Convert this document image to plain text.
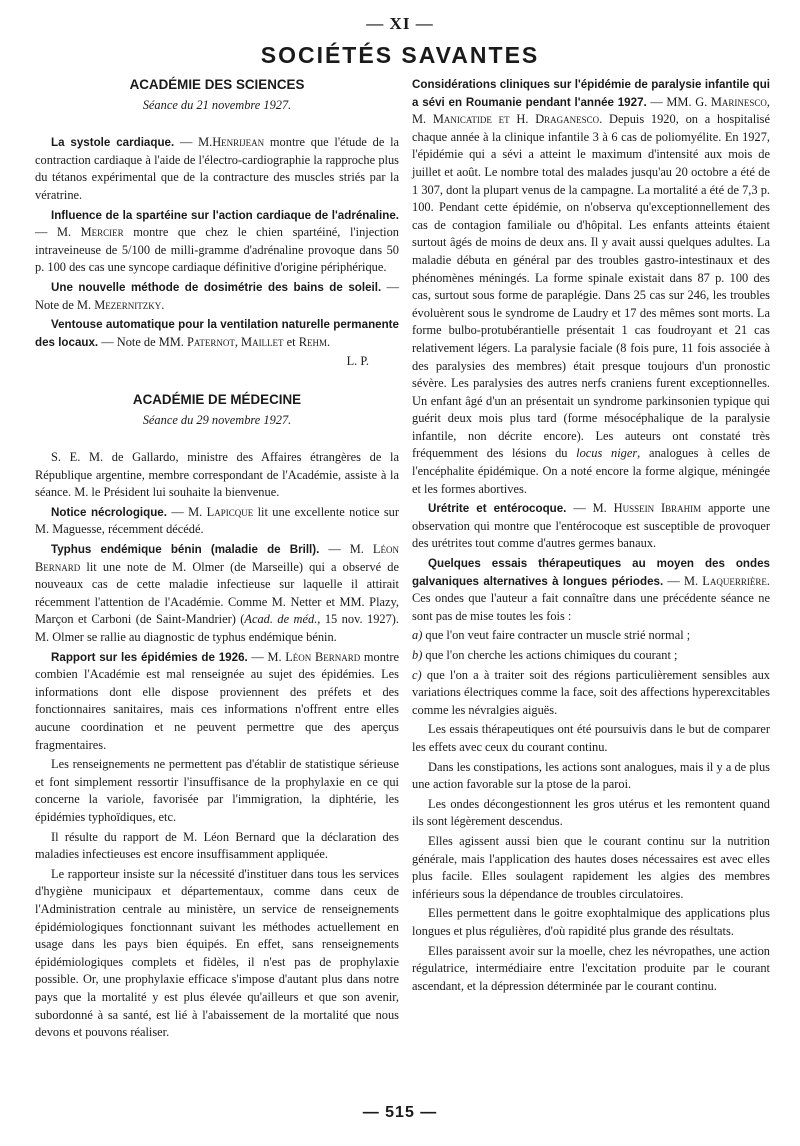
— XI —
SOCIÉTÉS SAVANTES
ACADÉMIE DES SCIENCES
Séance du 21 novembre 1927.

La systole cardiaque. — M.Henrijean montre que l'étude de la contraction cardiaque à l'aide de l'électro-cardiographie la rapproche plus du tétanos expérimental que de la contracture des muscles striés par la vératrine.

Influence de la spartéine sur l'action cardiaque de l'adrénaline. — M. Mercier montre que chez le chien spartéiné, l'injection intraveineuse de 5/100 de milli-gramme d'adrénaline provoque dans 50 p. 100 des cas une syncope cardiaque définitive d'origine périphérique.

Une nouvelle méthode de dosimétrie des bains de soleil. — Note de M. Mezernitzky.

Ventouse automatique pour la ventilation naturelle permanente des locaux. — Note de MM. Paternot, Maillet et Rehm.

L. P.
ACADÉMIE DE MÉDECINE
Séance du 29 novembre 1927.

S. E. M. de Gallardo, ministre des Affaires étrangères de la République argentine, membre correspondant de l'Académie, assiste à la séance. M. le Président lui souhaite la bienvenue.

Notice nécrologique. — M. Lapicque lit une excellente notice sur M. Maguesse, récemment décédé.

Typhus endémique bénin (maladie de Brill). — M. Léon Bernard lit une note de M. Olmer (de Marseille) qui a observé de nouveaux cas de cette maladie infectieuse sur laquelle il attirait récemment l'attention de l'Académie. Comme M. Netter et MM. Plazy, Marçon et Carboni (de Saint-Mandrier) (Acad. de méd., 15 nov. 1927). M. Olmer se rallie au diagnostic de typhus endémique bénin.

Rapport sur les épidémies de 1926. — M. Léon Bernard montre combien l'Académie est mal renseignée au sujet des épidémies. Les informations dont elle dispose proviennent des préfets et des fonctionnaires sanitaires, mais ces informations n'offrent entre elles aucune coordination et ne peuvent permettre que des aperçus fragmentaires.

Les renseignements ne permettent pas d'établir de statistique sérieuse et font simplement ressortir l'insuffisance de la prophylaxie en ce qui concerne la variole, favorisée par l'immigration, la diphtérie, les épidémies typhoïdiques, etc.

Il résulte du rapport de M. Léon Bernard que la déclaration des maladies infectieuses est encore insuffisamment appliquée.

Le rapporteur insiste sur la nécessité d'instituer dans tous les services d'hygiène municipaux et départementaux, comme dans ceux de l'Administration centrale au ministère, un service de renseignements épidémiologiques fonctionnant suivant les méthodes actuellement en usage dans les pays bien équipés. En effet, sans renseignements épidémiologiques complets et fidèles, il n'est pas de prophylaxie possible. Or, une prophylaxie efficace s'impose d'autant plus dans notre pays que la mortalité y est plus élevée qu'ailleurs et que son avenir, subordonné à sa santé, est lié à l'abaissement de la mortalité que nous devons et pouvons réaliser.

Considérations cliniques sur l'épidémie de paralysie infantile qui a sévi en Roumanie pendant l'année 1927. — MM. G. Marinesco, M. Manicatide et H. Draganesco. Depuis 1920, on a hospitalisé chaque année à la clinique infantile 3 à 6 cas de poliomyélite. En 1927, l'épidémie qui a sévi a atteint le maximum d'intensité aux mois de juillet et août. Le nombre total des malades jusqu'au 20 octobre a été de 1 307, dont la plupart venus de la campagne. La mortalité a été de 7,3 p. 100. Pendant cette épidémie, on n'observa qu'exceptionnellement des cas de contagion familiale ou d'hôpital. Les enfants atteints étaient surtout âgés de moins de deux ans. Il y avait aussi quelques adultes. La maladie débuta en général par des troubles gastro-intestinaux et des phénomènes méningés. La forme spinale existait dans 87 p. 100 des cas, surtout sous forme de paraplégie. Dans 25 cas sur 246, les troubles évoluèrent sous le syndrome de Laudry et 17 des mêmes sont morts. La forme bulbo-protubérantielle présentait 1 cas foudroyant et 21 cas relativement légers. La paralysie faciale (8 fois pure, 11 fois associée à des paralysies des membres) était presque toujours d'un pronostic sévère. Les paralysies des autres nerfs craniens furent exceptionnelles. Un enfant âgé d'un an présentait un syndrome parkinsonien typique qui guérit deux mois plus tard (forme mésocéphalique de la paralysie infantile, non décrite encore). Les auteurs ont constaté très fréquemment des lésions du locus niger, analogues à celles de l'encéphalite épidémique. On a noté encore la forme algique, méningée et les formes abortives.

Urétrite et entérocoque. — M. Hussein Ibrahim apporte une observation qui montre que l'entérocoque est susceptible de provoquer des urétrites tout comme d'autres germes banaux.

Quelques essais thérapeutiques au moyen des ondes galvaniques alternatives à longues périodes. — M. Laquerrière. Ces ondes que l'auteur a fait connaître dans une précédente séance ne sont pas de mise toutes les fois :

a) que l'on veut faire contracter un muscle strié normal ;

b) que l'on cherche les actions chimiques du courant ;

c) que l'on a à traiter soit des régions particulièrement sensibles aux variations électriques comme la face, soit des affections hyperexcitables comme les névralgies aiguës.

Les essais thérapeutiques ont été poursuivis dans le but de comparer les effets avec ceux du courant continu.

Dans les constipations, les actions sont analogues, mais il y a de plus une action favorable sur la ptose de la paroi.

Les ondes décongestionnent les gros utérus et les remontent quand ils sont légèrement descendus.

Elles agissent aussi bien que le courant continu sur la nutrition générale, mais l'application des hautes doses nécessaires est avec elles plus facile. Elles soulagent rapidement les algies des membres inférieurs sous la dépendance de troubles circulatoires.

Elles permettent dans le goitre exophtalmique des applications plus longues et plus régulières, d'où rapidité plus grande des résultats.

Elles paraissent avoir sur la moelle, chez les névropathes, une action régulatrice, intermédiaire entre l'excitation produite par le courant ascendant, et la dépression déterminée par le courant continu.

— 515 —
